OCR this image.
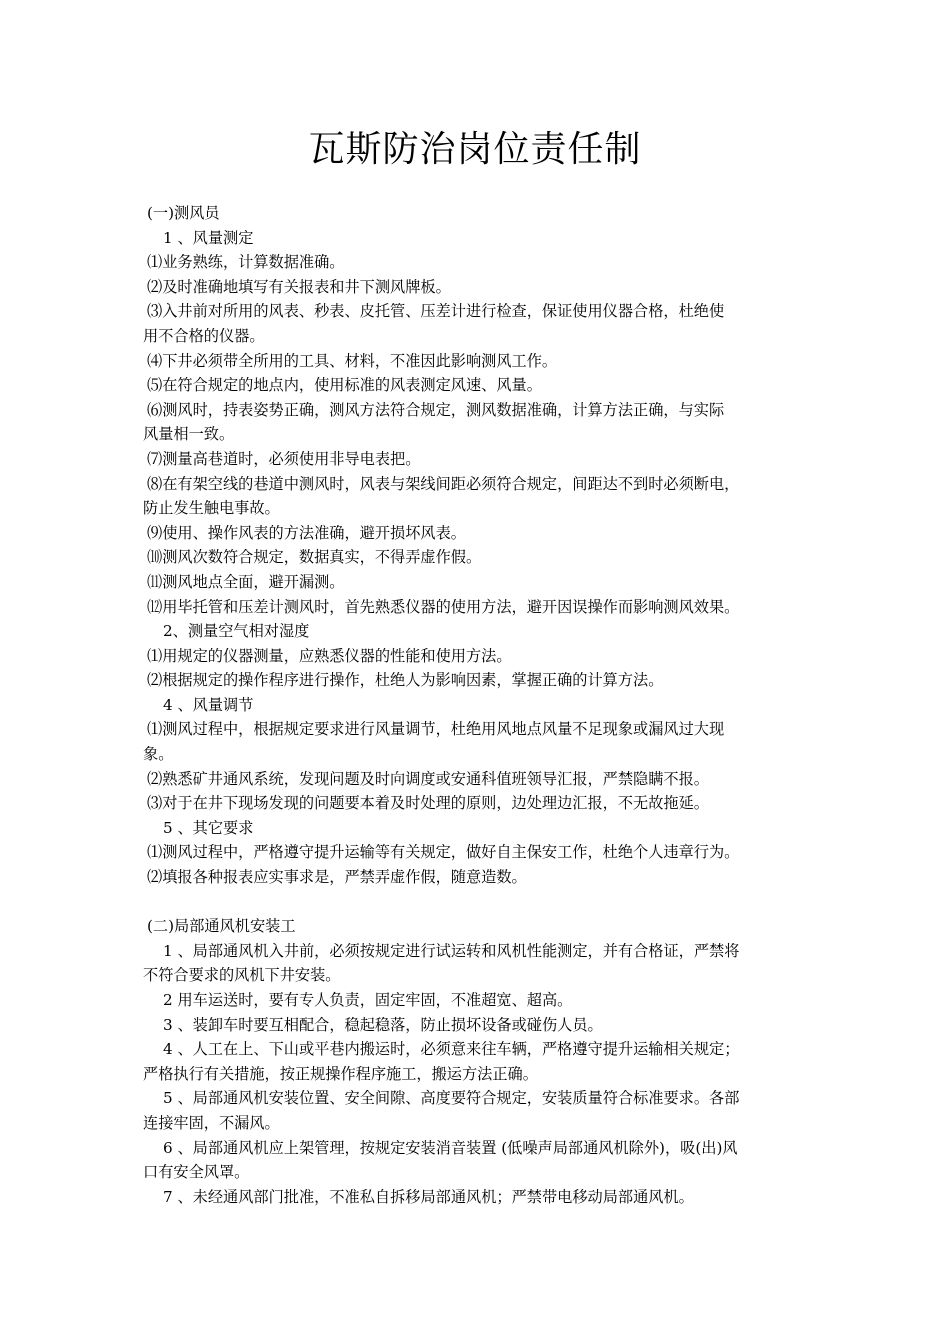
瓦斯防治岗位责任制
(一)测风员
1 、风量测定
⑴业务熟练，计算数据准确。
⑵及时准确地填写有关报表和井下测风牌板。
⑶入井前对所用的风表、秒表、皮托管、压差计进行检查，保证使用仪器合格，杜绝使
用不合格的仪器。
⑷下井必须带全所用的工具、材料，不准因此影响测风工作。
⑸在符合规定的地点内，使用标准的风表测定风速、风量。
⑹测风时，持表姿势正确，测风方法符合规定，测风数据准确，计算方法正确，与实际
风量相一致。
⑺测量高巷道时，必须使用非导电表把。
⑻在有架空线的巷道中测风时，风表与架线间距必须符合规定，间距达不到时必须断电，
防止发生触电事故。
⑼使用、操作风表的方法准确，避开损坏风表。
⑽测风次数符合规定，数据真实，不得弄虚作假。
⑾测风地点全面，避开漏测。
⑿用毕托管和压差计测风时，首先熟悉仪器的使用方法，避开因误操作而影响测风效果。
2、测量空气相对湿度
⑴用规定的仪器测量，应熟悉仪器的性能和使用方法。
⑵根据规定的操作程序进行操作，杜绝人为影响因素，掌握正确的计算方法。
4 、风量调节
⑴测风过程中，根据规定要求进行风量调节，杜绝用风地点风量不足现象或漏风过大现
象。
⑵熟悉矿井通风系统，发现问题及时向调度或安通科值班领导汇报，严禁隐瞒不报。
⑶对于在井下现场发现的问题要本着及时处理的原则，边处理边汇报，不无故拖延。
5 、其它要求
⑴测风过程中，严格遵守提升运输等有关规定，做好自主保安工作，杜绝个人违章行为。
⑵填报各种报表应实事求是，严禁弄虚作假，随意造数。
(二)局部通风机安装工
1 、局部通风机入井前，必须按规定进行试运转和风机性能测定，并有合格证，严禁将
不符合要求的风机下井安装。
2 用车运送时，要有专人负责，固定牢固，不准超宽、超高。
3 、装卸车时要互相配合，稳起稳落，防止损坏设备或碰伤人员。
4 、人工在上、下山或平巷内搬运时，必须意来往车辆，严格遵守提升运输相关规定；
严格执行有关措施，按正规操作程序施工，搬运方法正确。
5 、局部通风机安装位置、安全间隙、高度要符合规定，安装质量符合标准要求。各部
连接牢固，不漏风。
6 、局部通风机应上架管理，按规定安装消音装置 (低噪声局部通风机除外)，吸(出)风
口有安全风罩。
7 、未经通风部门批准，不准私自拆移局部通风机；严禁带电移动局部通风机。
